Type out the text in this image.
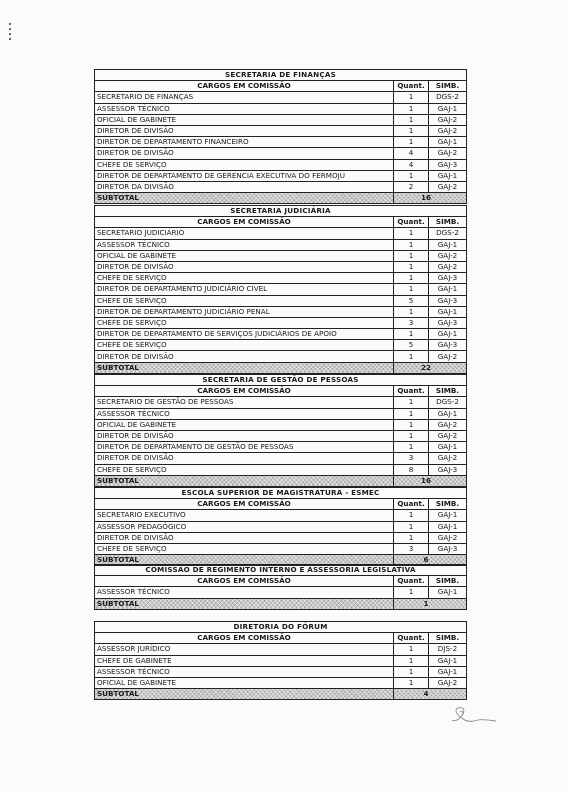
SECRETARIA DE FINANÇAS		
CARGOS EM COMISSÃO	Quant.	SIMB.
SECRETARIO DE FINANÇAS	1	DGS-2
ASSESSOR TÉCNICO	1	GAJ-1
OFICIAL DE GABINETE	1	GAJ-2
DIRETOR DE DIVISÃO	1	GAJ-2
DIRETOR DE DEPARTAMENTO FINANCEIRO	1	GAJ-1
DIRETOR DE DIVISÃO	4	GAJ-2
CHEFE DE SERVIÇO	4	GAJ-3
DIRETOR DE DEPARTAMENTO DE GERENCIA EXECUTIVA DO FERMOJU	1	GAJ-1
DIRETOR DA DIVISÃO	2	GAJ-2
SUBTOTAL	16	
SECRETARIA JUDICIÁRIA		
CARGOS EM COMISSÃO	Quant.	SIMB.
SECRETARIO JUDICIÁRIO	1	DGS-2
ASSESSOR TÉCNICO	1	GAJ-1
OFICIAL DE GABINETE	1	GAJ-2
DIRETOR DE DIVISÃO	1	GAJ-2
CHEFE DE SERVIÇO	1	GAJ-3
DIRETOR DE DEPARTAMENTO JUDICIÁRIO CÍVEL	1	GAJ-1
CHEFE DE SERVIÇO	5	GAJ-3
DIRETOR DE DEPARTAMENTO JUDICIÁRIO PENAL	1	GAJ-1
CHEFE DE SERVIÇO	3	GAJ-3
DIRETOR DE DEPARTAMENTO DE SERVIÇOS JUDICIÁRIOS DE APOIO	1	GAJ-1
CHEFE DE SERVIÇO	5	GAJ-3
DIRETOR DE DIVISÃO	1	GAJ-2
SUBTOTAL	22	
SECRETARIA DE GESTÃO DE PESSOAS		
CARGOS EM COMISSÃO	Quant.	SIMB.
SECRETARIO DE GESTÃO DE PESSOAS	1	DGS-2
ASSESSOR TÉCNICO	1	GAJ-1
OFICIAL DE GABINETE	1	GAJ-2
DIRETOR DE DIVISÃO	1	GAJ-2
DIRETOR DE DEPARTAMENTO DE GESTÃO DE PESSOAS	1	GAJ-1
DIRETOR DE DIVISÃO	3	GAJ-2
CHEFE DE SERVIÇO	8	GAJ-3
SUBTOTAL	16	
ESCOLA SUPERIOR DE MAGISTRATURA - ESMEC		
CARGOS EM COMISSÃO	Quant.	SIMB.
SECRETARIO EXECUTIVO	1	GAJ-1
ASSESSOR PEDAGÓGICO	1	GAJ-1
DIRETOR DE DIVISÃO	1	GAJ-2
CHEFE DE SERVIÇO	3	GAJ-3
SUBTOTAL	6	
COMISSÃO DE REGIMENTO INTERNO E ASSESSORIA LEGISLATIVA		
CARGOS EM COMISSÃO	Quant.	SIMB.
ASSESSOR TÉCNICO	1	GAJ-1
SUBTOTAL	1	
DIRETORIA DO FÓRUM		
CARGOS EM COMISSÃO	Quant.	SIMB.
ASSESSOR JURÍDICO	1	DJS-2
CHEFE DE GABINETE	1	GAJ-1
ASSESSOR TÉCNICO	1	GAJ-1
OFICIAL DE GABINETE	1	GAJ-2
SUBTOTAL	4	
